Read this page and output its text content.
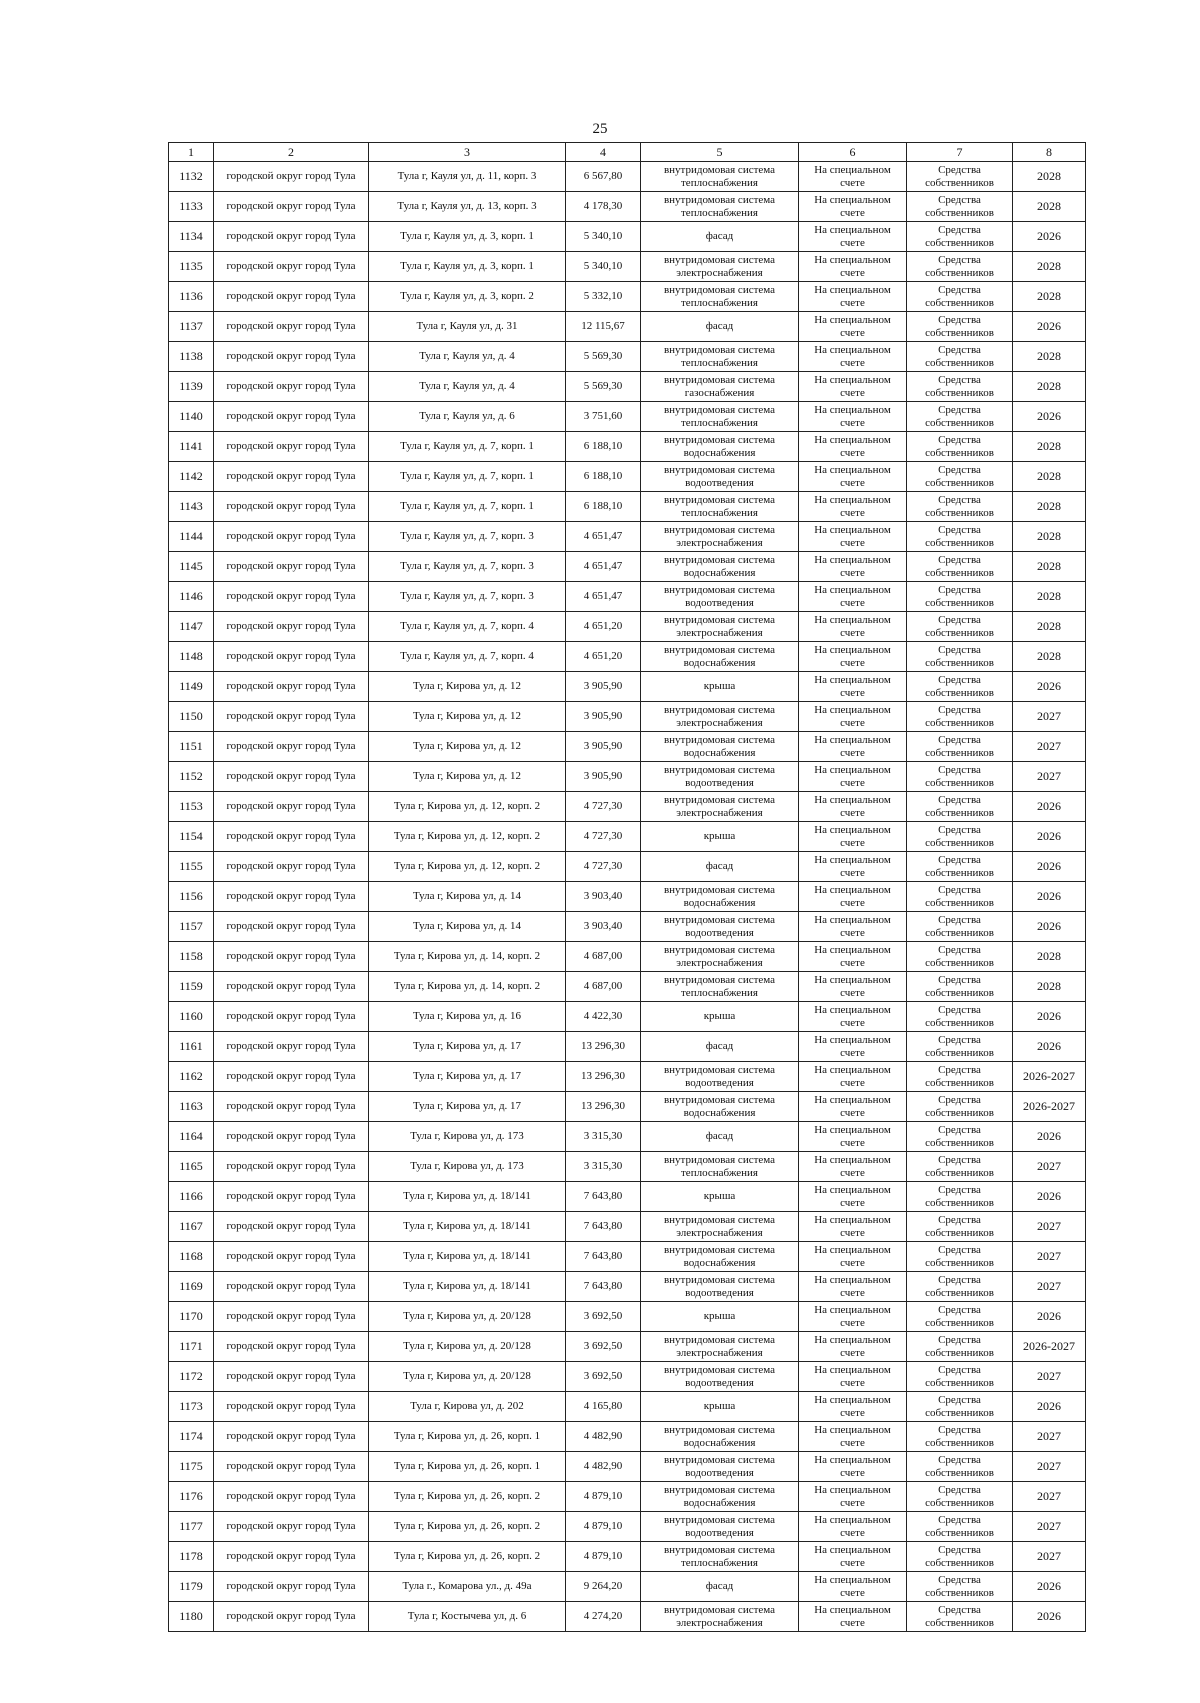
25
1	2	3	4	5	6	7	8
1132	городской округ город Тула	Тула г, Кауля ул, д. 11, корп. 3	6 567,80	внутридомовая система теплоснабжения	На специальном счете	Средства собственников	2028
1133	городской округ город Тула	Тула г, Кауля ул, д. 13, корп. 3	4 178,30	внутридомовая система теплоснабжения	На специальном счете	Средства собственников	2028
1134	городской округ город Тула	Тула г, Кауля ул, д. 3, корп. 1	5 340,10	фасад	На специальном счете	Средства собственников	2026
1135	городской округ город Тула	Тула г, Кауля ул, д. 3, корп. 1	5 340,10	внутридомовая система электроснабжения	На специальном счете	Средства собственников	2028
1136	городской округ город Тула	Тула г, Кауля ул, д. 3, корп. 2	5 332,10	внутридомовая система теплоснабжения	На специальном счете	Средства собственников	2028
1137	городской округ город Тула	Тула г, Кауля ул, д. 31	12 115,67	фасад	На специальном счете	Средства собственников	2026
1138	городской округ город Тула	Тула г, Кауля ул, д. 4	5 569,30	внутридомовая система теплоснабжения	На специальном счете	Средства собственников	2028
1139	городской округ город Тула	Тула г, Кауля ул, д. 4	5 569,30	внутридомовая система газоснабжения	На специальном счете	Средства собственников	2028
1140	городской округ город Тула	Тула г, Кауля ул, д. 6	3 751,60	внутридомовая система теплоснабжения	На специальном счете	Средства собственников	2026
1141	городской округ город Тула	Тула г, Кауля ул, д. 7, корп. 1	6 188,10	внутридомовая система водоснабжения	На специальном счете	Средства собственников	2028
1142	городской округ город Тула	Тула г, Кауля ул, д. 7, корп. 1	6 188,10	внутридомовая система водоотведения	На специальном счете	Средства собственников	2028
1143	городской округ город Тула	Тула г, Кауля ул, д. 7, корп. 1	6 188,10	внутридомовая система теплоснабжения	На специальном счете	Средства собственников	2028
1144	городской округ город Тула	Тула г, Кауля ул, д. 7, корп. 3	4 651,47	внутридомовая система электроснабжения	На специальном счете	Средства собственников	2028
1145	городской округ город Тула	Тула г, Кауля ул, д. 7, корп. 3	4 651,47	внутридомовая система водоснабжения	На специальном счете	Средства собственников	2028
1146	городской округ город Тула	Тула г, Кауля ул, д. 7, корп. 3	4 651,47	внутридомовая система водоотведения	На специальном счете	Средства собственников	2028
1147	городской округ город Тула	Тула г, Кауля ул, д. 7, корп. 4	4 651,20	внутридомовая система электроснабжения	На специальном счете	Средства собственников	2028
1148	городской округ город Тула	Тула г, Кауля ул, д. 7, корп. 4	4 651,20	внутридомовая система водоснабжения	На специальном счете	Средства собственников	2028
1149	городской округ город Тула	Тула г, Кирова ул, д. 12	3 905,90	крыша	На специальном счете	Средства собственников	2026
1150	городской округ город Тула	Тула г, Кирова ул, д. 12	3 905,90	внутридомовая система электроснабжения	На специальном счете	Средства собственников	2027
1151	городской округ город Тула	Тула г, Кирова ул, д. 12	3 905,90	внутридомовая система водоснабжения	На специальном счете	Средства собственников	2027
1152	городской округ город Тула	Тула г, Кирова ул, д. 12	3 905,90	внутридомовая система водоотведения	На специальном счете	Средства собственников	2027
1153	городской округ город Тула	Тула г, Кирова ул, д. 12, корп. 2	4 727,30	внутридомовая система электроснабжения	На специальном счете	Средства собственников	2026
1154	городской округ город Тула	Тула г, Кирова ул, д. 12, корп. 2	4 727,30	крыша	На специальном счете	Средства собственников	2026
1155	городской округ город Тула	Тула г, Кирова ул, д. 12, корп. 2	4 727,30	фасад	На специальном счете	Средства собственников	2026
1156	городской округ город Тула	Тула г, Кирова ул, д. 14	3 903,40	внутридомовая система водоснабжения	На специальном счете	Средства собственников	2026
1157	городской округ город Тула	Тула г, Кирова ул, д. 14	3 903,40	внутридомовая система водоотведения	На специальном счете	Средства собственников	2026
1158	городской округ город Тула	Тула г, Кирова ул, д. 14, корп. 2	4 687,00	внутридомовая система электроснабжения	На специальном счете	Средства собственников	2028
1159	городской округ город Тула	Тула г, Кирова ул, д. 14, корп. 2	4 687,00	внутридомовая система теплоснабжения	На специальном счете	Средства собственников	2028
1160	городской округ город Тула	Тула г, Кирова ул, д. 16	4 422,30	крыша	На специальном счете	Средства собственников	2026
1161	городской округ город Тула	Тула г, Кирова ул, д. 17	13 296,30	фасад	На специальном счете	Средства собственников	2026
1162	городской округ город Тула	Тула г, Кирова ул, д. 17	13 296,30	внутридомовая система водоотведения	На специальном счете	Средства собственников	2026-2027
1163	городской округ город Тула	Тула г, Кирова ул, д. 17	13 296,30	внутридомовая система водоснабжения	На специальном счете	Средства собственников	2026-2027
1164	городской округ город Тула	Тула г, Кирова ул, д. 173	3 315,30	фасад	На специальном счете	Средства собственников	2026
1165	городской округ город Тула	Тула г, Кирова ул, д. 173	3 315,30	внутридомовая система теплоснабжения	На специальном счете	Средства собственников	2027
1166	городской округ город Тула	Тула г, Кирова ул, д. 18/141	7 643,80	крыша	На специальном счете	Средства собственников	2026
1167	городской округ город Тула	Тула г, Кирова ул, д. 18/141	7 643,80	внутридомовая система электроснабжения	На специальном счете	Средства собственников	2027
1168	городской округ город Тула	Тула г, Кирова ул, д. 18/141	7 643,80	внутридомовая система водоснабжения	На специальном счете	Средства собственников	2027
1169	городской округ город Тула	Тула г, Кирова ул, д. 18/141	7 643,80	внутридомовая система водоотведения	На специальном счете	Средства собственников	2027
1170	городской округ город Тула	Тула г, Кирова ул, д. 20/128	3 692,50	крыша	На специальном счете	Средства собственников	2026
1171	городской округ город Тула	Тула г, Кирова ул, д. 20/128	3 692,50	внутридомовая система электроснабжения	На специальном счете	Средства собственников	2026-2027
1172	городской округ город Тула	Тула г, Кирова ул, д. 20/128	3 692,50	внутридомовая система водоотведения	На специальном счете	Средства собственников	2027
1173	городской округ город Тула	Тула г, Кирова ул, д. 202	4 165,80	крыша	На специальном счете	Средства собственников	2026
1174	городской округ город Тула	Тула г, Кирова ул, д. 26, корп. 1	4 482,90	внутридомовая система водоснабжения	На специальном счете	Средства собственников	2027
1175	городской округ город Тула	Тула г, Кирова ул, д. 26, корп. 1	4 482,90	внутридомовая система водоотведения	На специальном счете	Средства собственников	2027
1176	городской округ город Тула	Тула г, Кирова ул, д. 26, корп. 2	4 879,10	внутридомовая система водоснабжения	На специальном счете	Средства собственников	2027
1177	городской округ город Тула	Тула г, Кирова ул, д. 26, корп. 2	4 879,10	внутридомовая система водоотведения	На специальном счете	Средства собственников	2027
1178	городской округ город Тула	Тула г, Кирова ул, д. 26, корп. 2	4 879,10	внутридомовая система теплоснабжения	На специальном счете	Средства собственников	2027
1179	городской округ город Тула	Тула г., Комарова ул., д. 49а	9 264,20	фасад	На специальном счете	Средства собственников	2026
1180	городской округ город Тула	Тула г, Костычева ул, д. 6	4 274,20	внутридомовая система электроснабжения	На специальном счете	Средства собственников	2026
